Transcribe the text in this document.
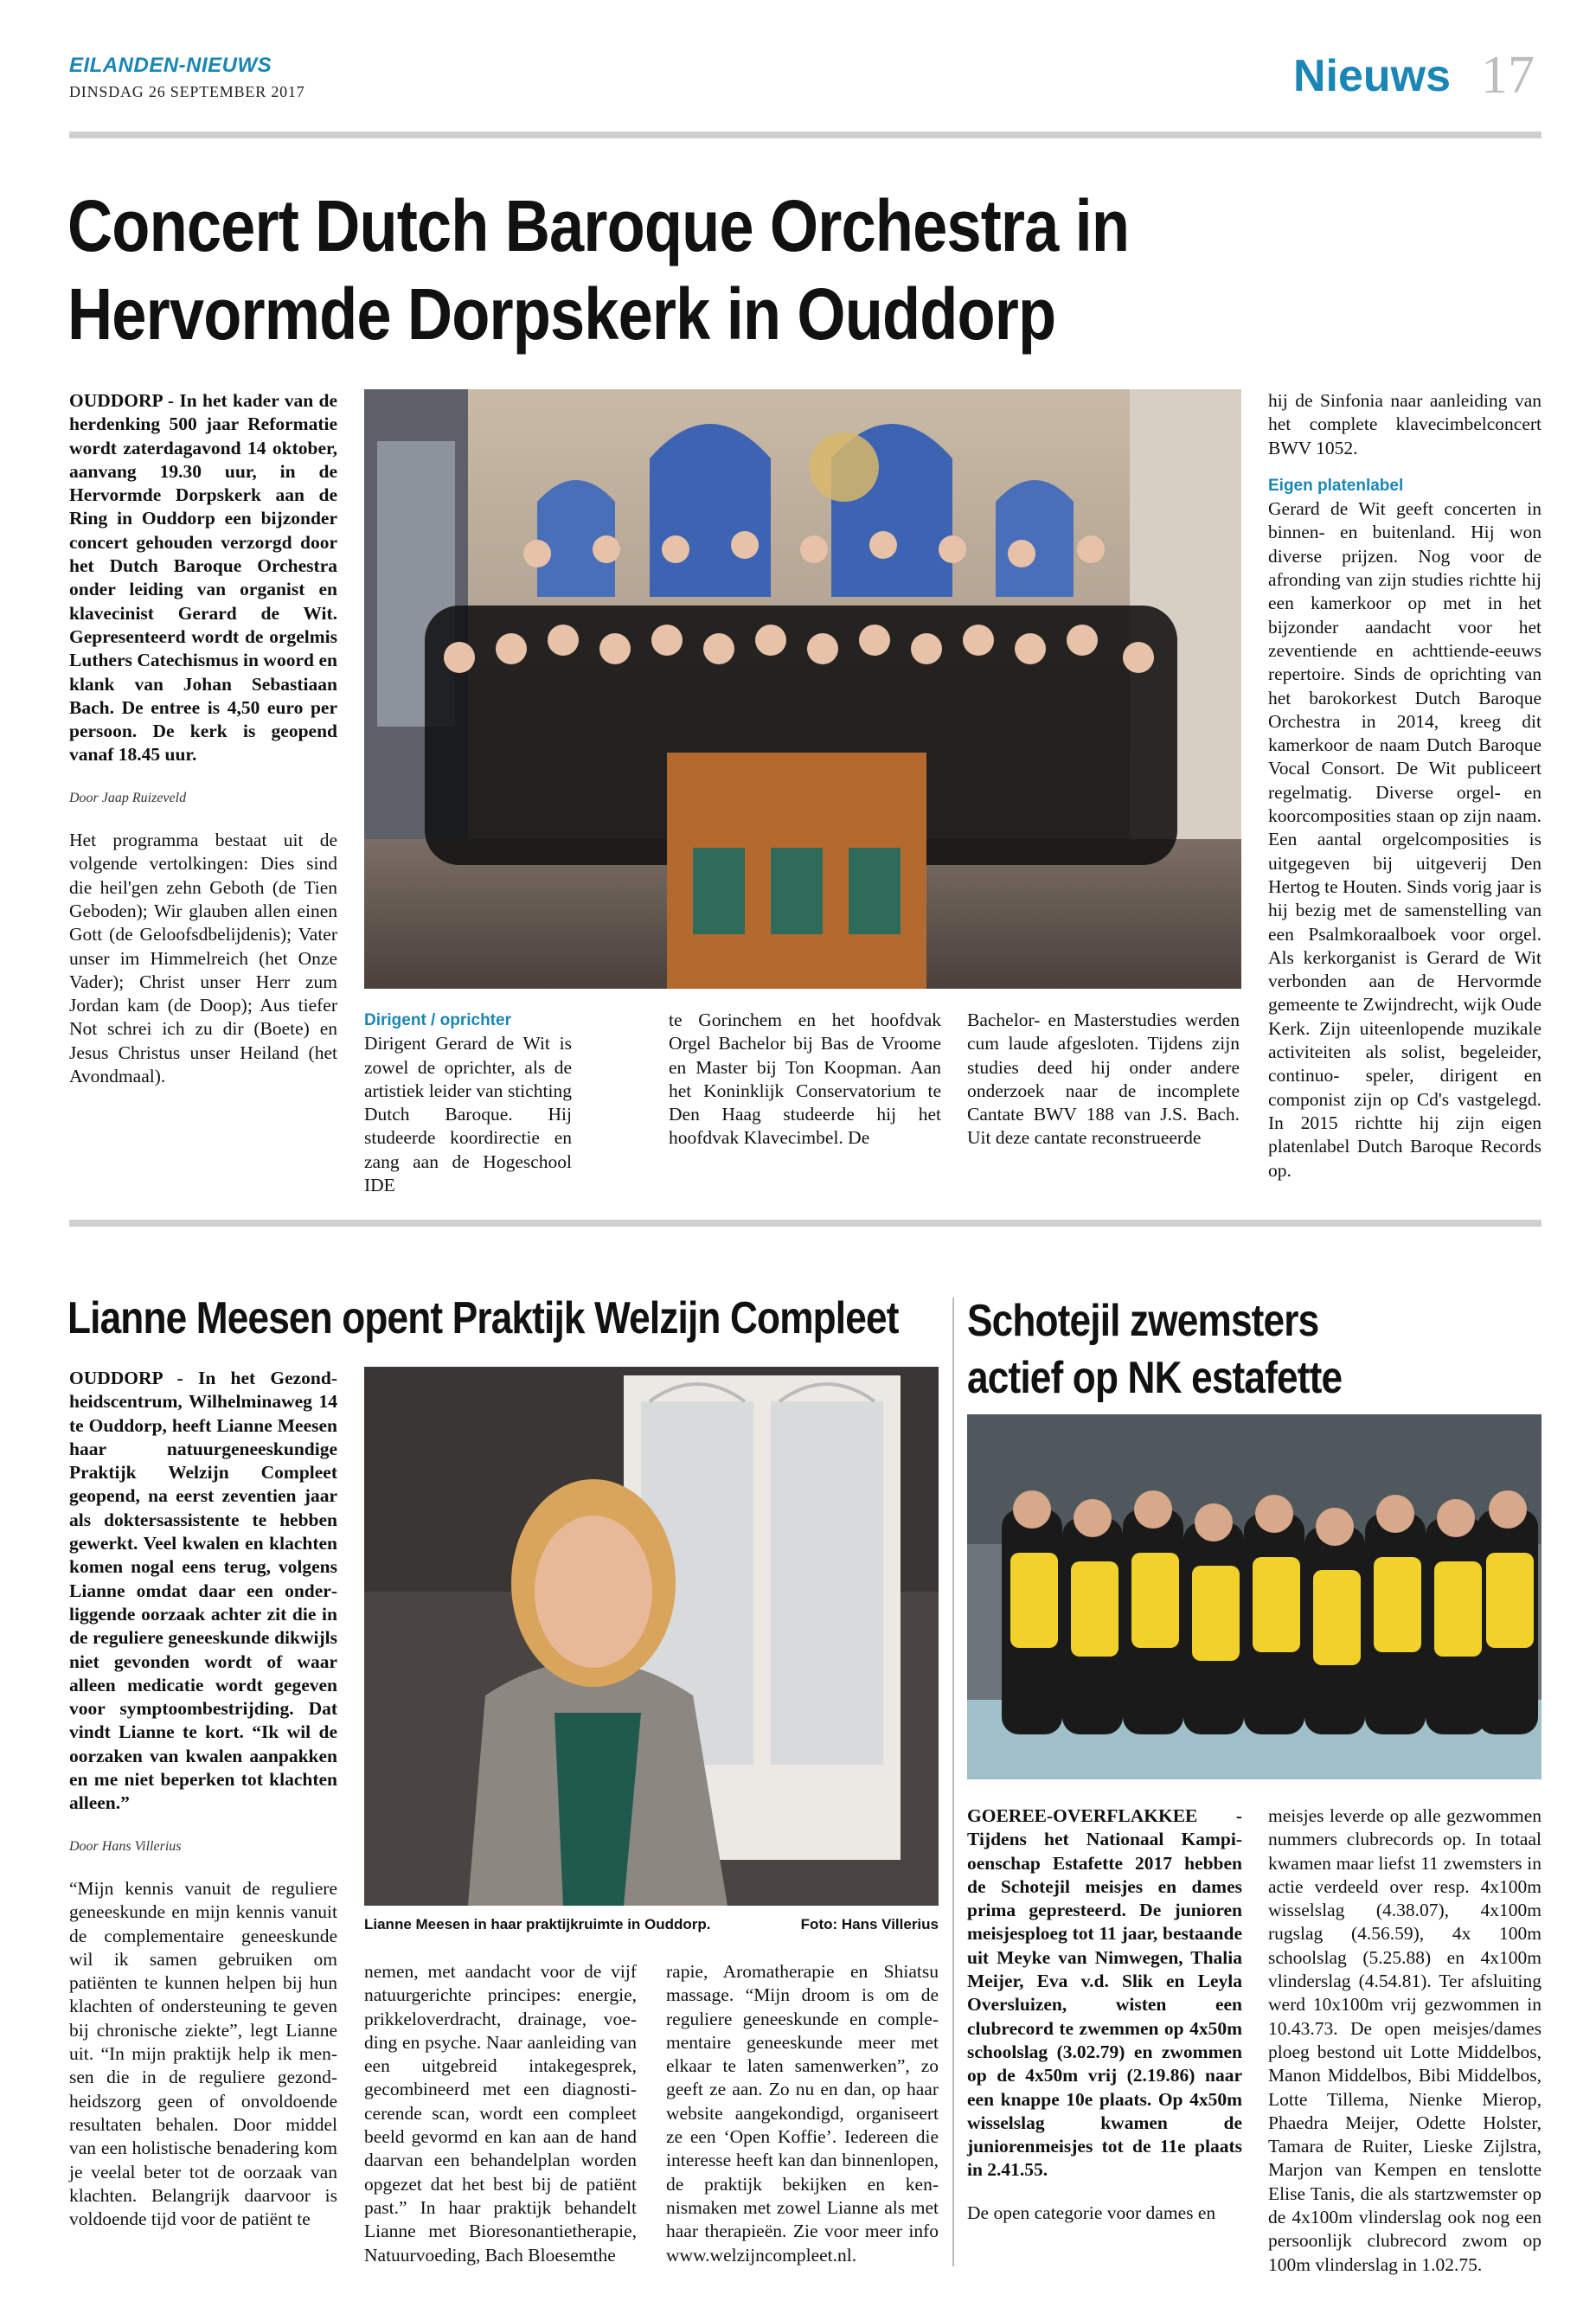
EILANDEN-NIEUWS
DINSDAG 26 SEPTEMBER 2017	Nieuws 17
Concert Dutch Baroque Orchestra in
Hervormde Dorpskerk in Ouddorp

OUDDORP - In het kader van de herdenking 500 jaar Reformatie wordt zaterdagavond 14 oktober, aanvang 19.30 uur, in de Hervormde Dorpskerk aan de Ring in Ouddorp een bijzonder concert gehouden verzorgd door het Dutch Baroque Orchestra onder leiding van organist en klavecinist Gerard de Wit. Gepresenteerd wordt de orgelmis Luthers Catechismus in woord en klank van Johan Sebastiaan Bach. De entree is 4,50 euro per persoon. De kerk is geopend vanaf 18.45 uur.

Door Jaap Ruizeveld

Het programma bestaat uit de volgende vertolkingen: Dies sind die heil'gen zehn Geboth (de Tien Geboden); Wir glauben allen einen Gott (de Geloofsdbelijdenis); Vater unser im Himmelreich (het Onze Vader); Christ unser Herr zum Jordan kam (de Doop); Aus tiefer Not schrei ich zu dir (Boete) en Jesus Christus unser Heiland (het Avondmaal).

Dirigent / oprichter

Dirigent Gerard de Wit is zowel de oprichter, als de artistiek leider van stichting Dutch Baroque. Hij studeerde koordirectie en zang aan de Hogeschool IDE

te Gorinchem en het hoofdvak Orgel Bachelor bij Bas de Vroome en Master bij Ton Koopman. Aan het Koninklijk Conservatorium te Den Haag studeerde hij het hoofdvak Klavecimbel. De

Bachelor- en Masterstudies werden cum laude afgesloten. Tijdens zijn studies deed hij onder andere onderzoek naar de incomplete Cantate BWV 188 van J.S. Bach. Uit deze cantate reconstrueerde

hij de Sinfonia naar aanleiding van het complete klavecimbelconcert BWV 1052.

Eigen platenlabel

Gerard de Wit geeft concerten in binnen- en buitenland. Hij won diverse prijzen. Nog voor de afronding van zijn studies richtte hij een kamerkoor op met in het bijzonder aandacht voor het zeventiende en achttiende-eeuws repertoire. Sinds de oprichting van het barokorkest Dutch Baroque Orchestra in 2014, kreeg dit kamerkoor de naam Dutch Baroque Vocal Consort. De Wit publiceert regelmatig. Diverse orgel- en koorcomposities staan op zijn naam. Een aantal orgelcomposities is uitgegeven bij uitgeverij Den Hertog te Houten. Sinds vorig jaar is hij bezig met de samenstelling van een Psalmkoraalboek voor orgel. Als kerkorganist is Gerard de Wit verbonden aan de Hervormde gemeente te Zwijndrecht, wijk Oude Kerk. Zijn uiteenlopende muzikale activiteiten als solist, begeleider, continuo- speler, dirigent en componist zijn op Cd's vastgelegd. In 2015 richtte hij zijn eigen platenlabel Dutch Baroque Records op.

Lianne Meesen opent Praktijk Welzijn Compleet

OUDDORP - In het Gezondheidscentrum, Wilhelminaweg 14 te Ouddorp, heeft Lianne Meesen haar natuurgeneeskundige Praktijk Welzijn Compleet geopend, na eerst zeventien jaar als doktersassistente te hebben gewerkt. Veel kwalen en klachten komen nogal eens terug, volgens Lianne omdat daar een onderliggende oorzaak achter zit die in de reguliere geneeskunde dikwijls niet gevonden wordt of waar alleen medicatie wordt gegeven voor symptoombestrijding. Dat vindt Lianne te kort. “Ik wil de oorzaken van kwalen aanpakken en me niet beperken tot klachten alleen.”

Door Hans Villerius

“Mijn kennis vanuit de reguliere geneeskunde en mijn kennis vanuit de complementaire geneeskunde wil ik samen gebruiken om patiënten te kunnen helpen bij hun klachten of ondersteuning te geven bij chronische ziekte”, legt Lianne uit. “In mijn praktijk help ik mensen die in de reguliere gezondheidszorg geen of onvoldoende resultaten behalen. Door middel van een holistische benadering kom je veelal beter tot de oorzaak van klachten. Belangrijk daarvoor is voldoende tijd voor de patiënt te

Lianne Meesen in haar praktijkruimte in Ouddorp.	Foto: Hans Villerius

nemen, met aandacht voor de vijf natuurgerichte principes: energie, prikkeloverdracht, drainage, voeding en psyche. Naar aanleiding van een uitgebreid intakegesprek, gecombineerd met een diagnosticerende scan, wordt een compleet beeld gevormd en kan aan de hand daarvan een behandelplan worden opgezet dat het best bij de patiënt past.” In haar praktijk behandelt Lianne met Bioresonantietherapie, Natuurvoeding, Bach Bloesemthe

rapie, Aromatherapie en Shiatsu massage. “Mijn droom is om de reguliere geneeskunde en complementaire geneeskunde meer met elkaar te laten samenwerken”, zo geeft ze aan. Zo nu en dan, op haar website aangekondigd, organiseert ze een ‘Open Koffie’. Iedereen die interesse heeft kan dan binnenlopen, de praktijk bekijken en kennismaken met zowel Lianne als met haar therapieën. Zie voor meer info www.welzijncompleet.nl.

Schotejil zwemsters
actief op NK estafette

GOEREE-OVERFLAKKEE - Tijdens het Nationaal Kampioenschap Estafette 2017 hebben de Schotejil meisjes en dames prima gepresteerd. De junioren meisjesploeg tot 11 jaar, bestaande uit Meyke van Nimwegen, Thalia Meijer, Eva v.d. Slik en Leyla Oversluizen, wisten een clubrecord te zwemmen op 4x50m schoolslag (3.02.79) en zwommen op de 4x50m vrij (2.19.86) naar een knappe 10e plaats. Op 4x50m wisselslag kwamen de juniorenmeisjes tot de 11e plaats in 2.41.55.

De open categorie voor dames en

meisjes leverde op alle gezwommen nummers clubrecords op. In totaal kwamen maar liefst 11 zwemsters in actie verdeeld over resp. 4x100m wisselslag (4.38.07), 4x100m rugslag (4.56.59), 4x 100m schoolslag (5.25.88) en 4x100m vlinderslag (4.54.81). Ter afsluiting werd 10x100m vrij gezwommen in 10.43.73. De open meisjes/dames ploeg bestond uit Lotte Middelbos, Manon Middelbos, Bibi Middelbos, Lotte Tillema, Nienke Mierop, Phaedra Meijer, Odette Holster, Tamara de Ruiter, Lieske Zijlstra, Marjon van Kempen en tenslotte Elise Tanis, die als startzwemster op de 4x100m vlinderslag ook nog een persoonlijk clubrecord zwom op 100m vlinderslag in 1.02.75.
